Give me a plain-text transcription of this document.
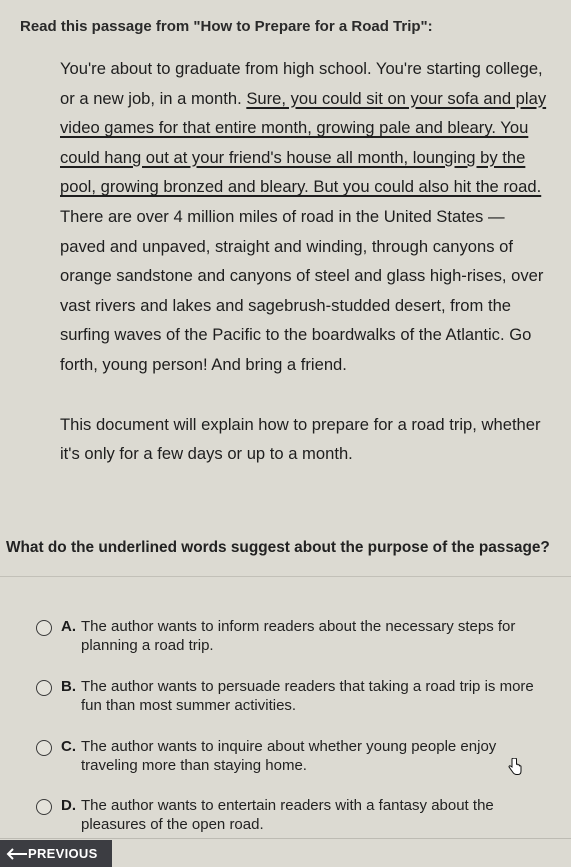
Read this passage from "How to Prepare for a Road Trip":

You're about to graduate from high school. You're starting college, or a new job, in a month. Sure, you could sit on your sofa and play video games for that entire month, growing pale and bleary. You could hang out at your friend's house all month, lounging by the pool, growing bronzed and bleary. But you could also hit the road. There are over 4 million miles of road in the United States — paved and unpaved, straight and winding, through canyons of orange sandstone and canyons of steel and glass high-rises, over vast rivers and lakes and sagebrush-studded desert, from the surfing waves of the Pacific to the boardwalks of the Atlantic. Go forth, young person! And bring a friend.

This document will explain how to prepare for a road trip, whether it's only for a few days or up to a month.

What do the underlined words suggest about the purpose of the passage?
A. The author wants to inform readers about the necessary steps for planning a road trip.
B. The author wants to persuade readers that taking a road trip is more fun than most summer activities.
C. The author wants to inquire about whether young people enjoy traveling more than staying home.
D. The author wants to entertain readers with a fantasy about the pleasures of the open road.
PREVIOUS
